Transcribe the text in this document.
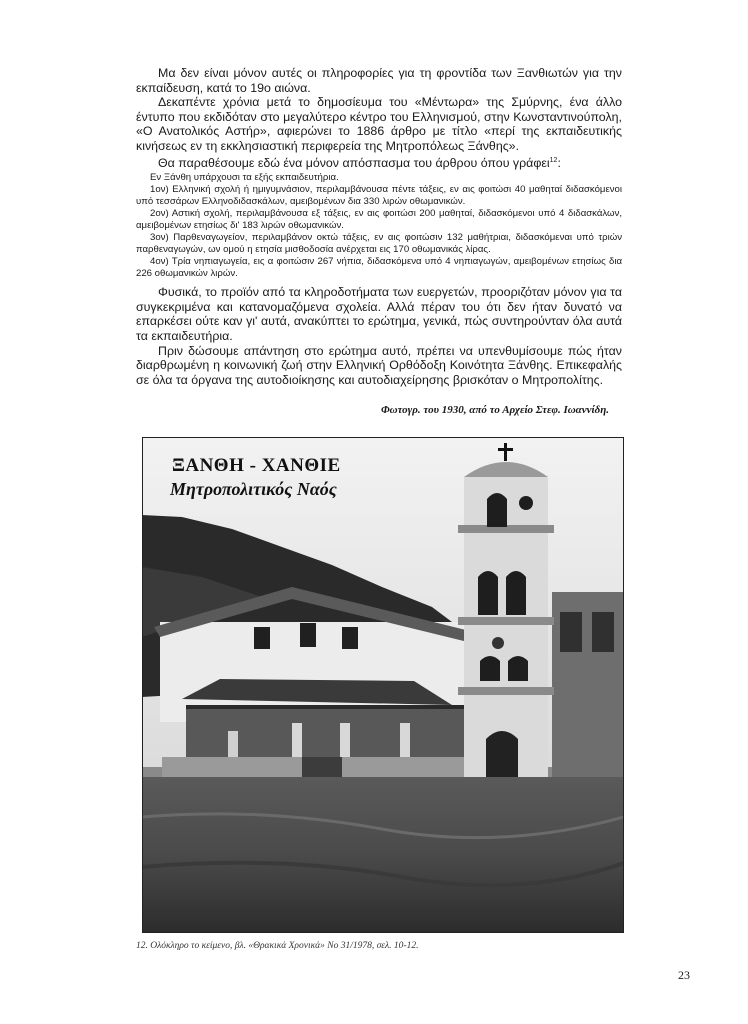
Μα δεν είναι μόνον αυτές οι πληροφορίες για τη φροντίδα των Ξανθιωτών για την εκπαίδευση, κατά το 19ο αιώνα.

Δεκαπέντε χρόνια μετά το δημοσίευμα του «Μέντωρα» της Σμύρνης, ένα άλλο έντυπο που εκδιδόταν στο μεγαλύτερο κέντρο του Ελληνισμού, στην Κωνσταντινούπολη, «Ο Ανατολικός Αστήρ», αφιερώνει το 1886 άρθρο με τίτλο «περί της εκπαιδευτικής κινήσεως εν τη εκκλησιαστική περιφερεία της Μητροπόλεως Ξάνθης».

Θα παραθέσουμε εδώ ένα μόνον απόσπασμα του άρθρου όπου γράφει$^{12}$:

Εν Ξάνθη υπάρχουσι τα εξής εκπαιδευτήρια.

1ον) Ελληνική σχολή ή ημιγυμνάσιον, περιλαμβάνουσα πέντε τάξεις, εν αις φοιτώσι 40 μαθηταί διδασκόμενοι υπό τεσσάρων Ελληνοδιδασκάλων, αμειβομένων δια 330 λιρών οθωμανικών.

2ον) Αστική σχολή, περιλαμβάνουσα εξ τάξεις, εν αις φοιτώσι 200 μαθηταί, διδασκόμενοι υπό 4 διδασκάλων, αμειβομένων ετησίως δι' 183 λιρών οθωμανικών.

3ον) Παρθεναγωγείον, περιλαμβάνον οκτώ τάξεις, εν αις φοιτώσιν 132 μαθήτριαι, διδασκόμεναι υπό τριών παρθεναγωγών, ων ομού η ετησία μισθοδοσία ανέρχεται εις 170 οθωμανικάς λίρας.

4ον) Τρία νηπιαγωγεία, εις α φοιτώσιν 267 νήπια, διδασκόμενα υπό 4 νηπιαγωγών, αμειβομένων ετησίως δια 226 οθωμανικών λιρών.

Φυσικά, το προϊόν από τα κληροδοτήματα των ευεργετών, προοριζόταν μόνον για τα συγκεκριμένα και κατανομαζόμενα σχολεία. Αλλά πέραν του ότι δεν ήταν δυνατό να επαρκέσει ούτε καν γι' αυτά, ανακύπτει το ερώτημα, γενικά, πώς συντηρούνταν όλα αυτά τα εκπαιδευτήρια.

Πριν δώσουμε απάντηση στο ερώτημα αυτό, πρέπει να υπενθυμίσουμε πώς ήταν διαρθρωμένη η κοινωνική ζωή στην Ελληνική Ορθόδοξη Κοινότητα Ξάνθης. Επικεφαλής σε όλα τα όργανα της αυτοδιοίκησης και αυτοδιαχείρησης βρισκόταν ο Μητροπολίτης.

Φωτογρ. του 1930, από το Αρχείο Στεφ. Ιωαννίδη.
ΞΑΝΘΗ - ΧΑΝΘΙΕ
Μητροπολιτικός Ναός
12. Ολόκληρο το κείμενο, βλ. «Θρακικά Χρονικά» Νο 31/1978, σελ. 10-12.
23
